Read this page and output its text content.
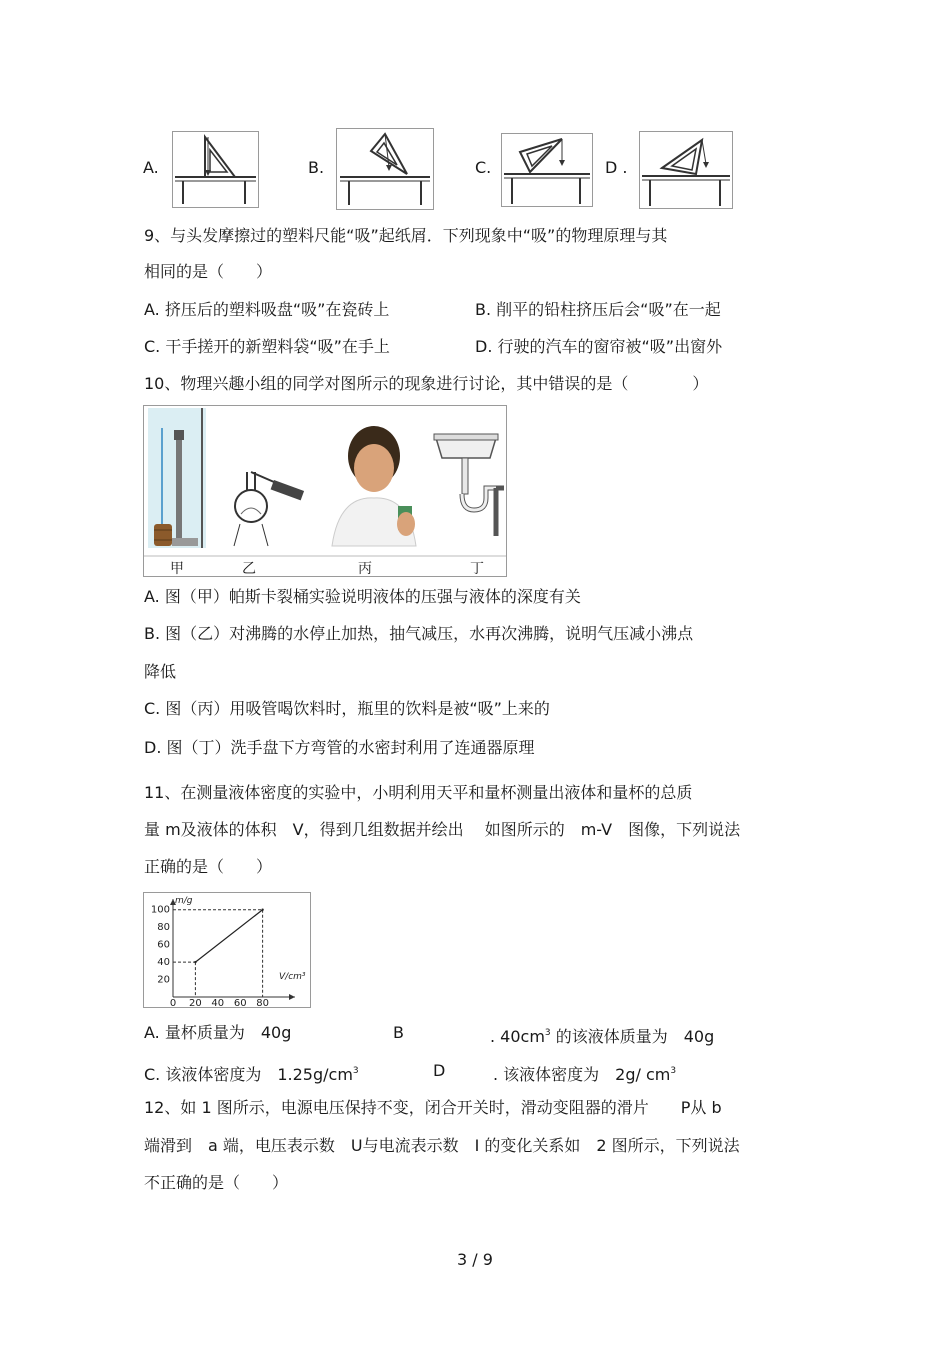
A.	B.	C.	D .
9、与头发摩擦过的塑料尺能“吸”起纸屑．下列现象中“吸”的物理原理与其
相同的是（　　）
A. 挤压后的塑料吸盘“吸”在瓷砖上	B. 削平的铅柱挤压后会“吸”在一起
C. 干手搓开的新塑料袋“吸”在手上	D. 行驶的汽车的窗帘被“吸”出窗外
10、物理兴趣小组的同学对图所示的现象进行讨论，其中错误的是（　　　　）
甲	乙	丙	丁
A. 图（甲）帕斯卡裂桶实验说明液体的压强与液体的深度有关
B. 图（乙）对沸腾的水停止加热，抽气减压，水再次沸腾，说明气压减小沸点
降低
C. 图（丙）用吸管喝饮料时，瓶里的饮料是被“吸”上来的
D. 图（丁）洗手盘下方弯管的水密封利用了连通器原理
11、在测量液体密度的实验中，小明利用天平和量杯测量出液体和量杯的总质
量 m及液体的体积　V，得到几组数据并绘出　 如图所示的　m-V　图像，下列说法
正确的是（　　）
0 20 40 60 80
100
80
60
40
20
m/g
V/cm³
A. 量杯质量为　40g	B	. $40cm^3$ 的该液体质量为　40g
C. 该液体密度为　$1.25g/cm^3$	D	. 该液体密度为　2g/ $cm^3$
12、如 1 图所示，电源电压保持不变，闭合开关时，滑动变阻器的滑片　　P从 b
端滑到　a 端，电压表示数　U与电流表示数　I 的变化关系如　2 图所示，下列说法
不正确的是（　　）
3 / 9
